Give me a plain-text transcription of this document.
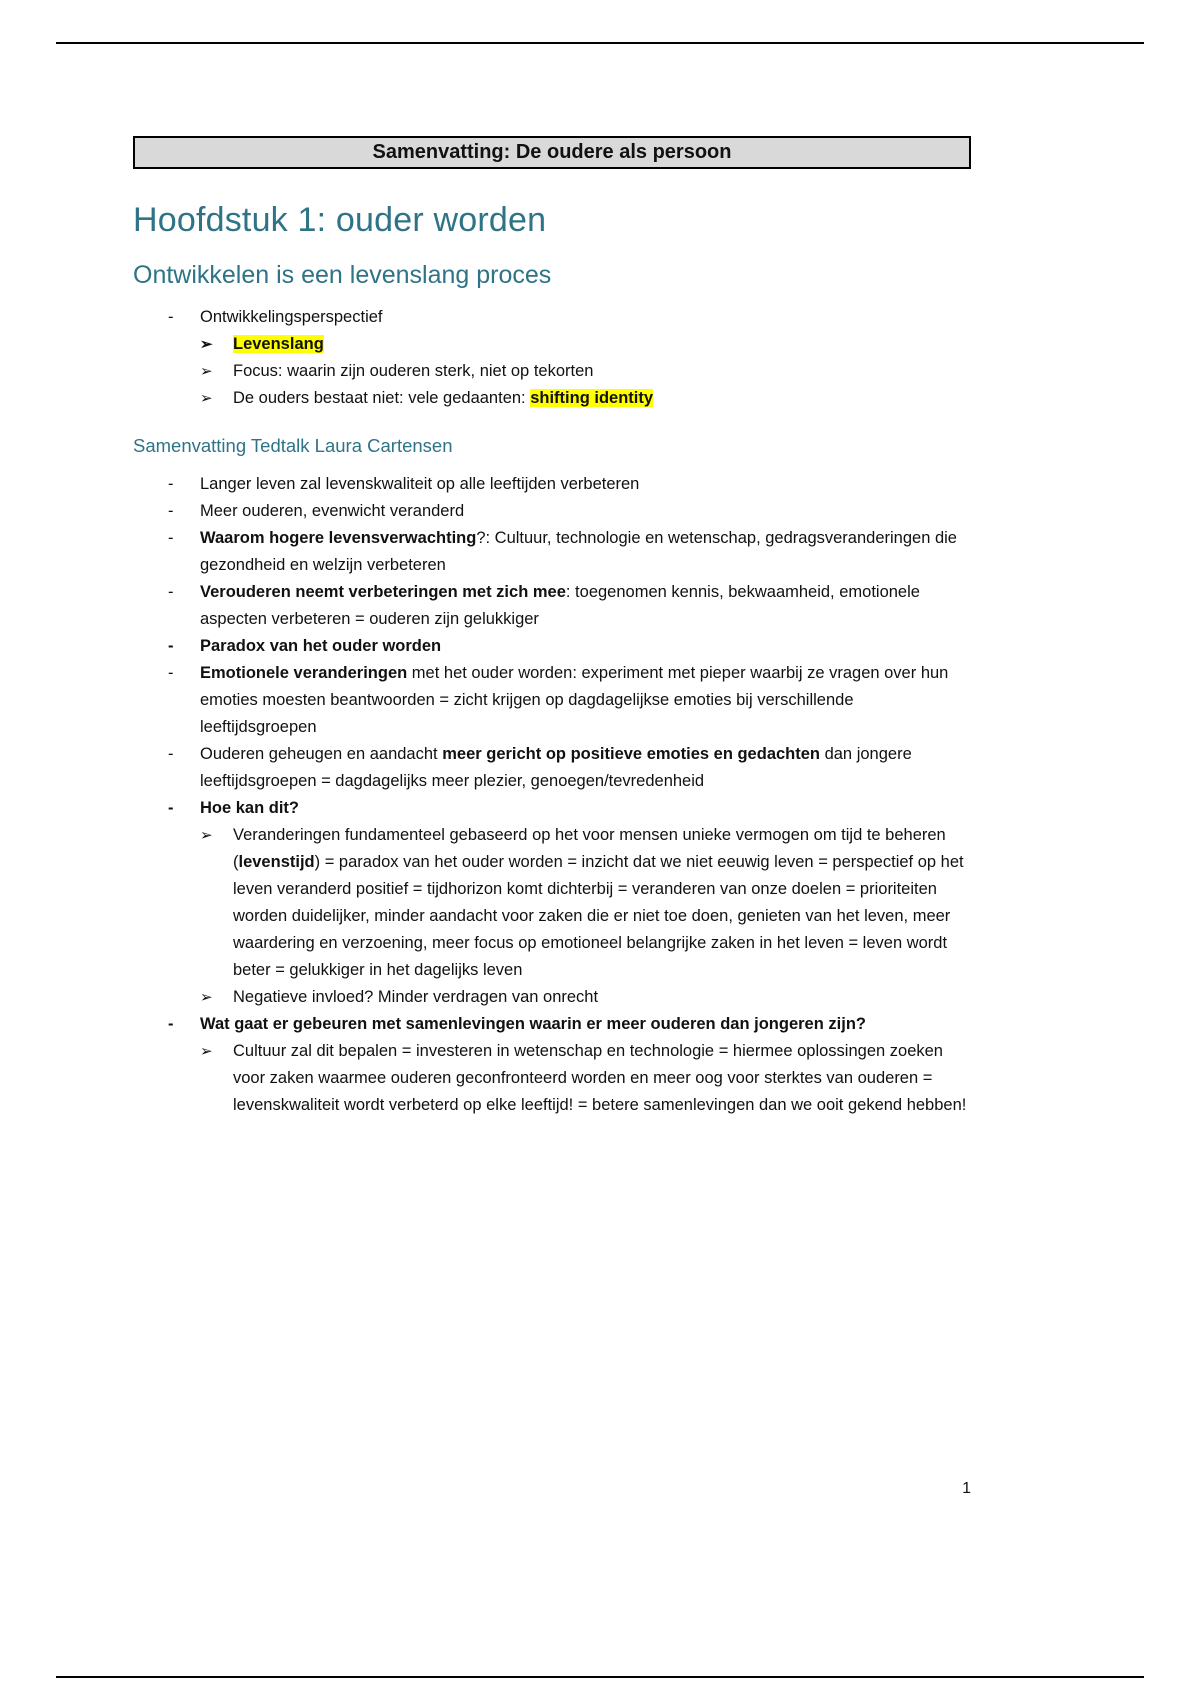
Samenvatting: De oudere als persoon
Hoofdstuk 1: ouder worden
Ontwikkelen is een levenslang proces
-	Ontwikkelingsperspectief
➢	Levenslang
➢	Focus: waarin zijn ouderen sterk, niet op tekorten
➢	De ouders bestaat niet: vele gedaanten: shifting identity
Samenvatting Tedtalk Laura Cartensen
-	Langer leven zal levenskwaliteit op alle leeftijden verbeteren
-	Meer ouderen, evenwicht veranderd
-	Waarom hogere levensverwachting?: Cultuur, technologie en wetenschap, gedragsveranderingen die gezondheid en welzijn verbeteren
-	Verouderen neemt verbeteringen met zich mee: toegenomen kennis, bekwaamheid, emotionele aspecten verbeteren = ouderen zijn gelukkiger
-	Paradox van het ouder worden
-	Emotionele veranderingen met het ouder worden: experiment met pieper waarbij ze vragen over hun emoties moesten beantwoorden = zicht krijgen op dagdagelijkse emoties bij verschillende leeftijdsgroepen
-	Ouderen geheugen en aandacht meer gericht op positieve emoties en gedachten dan jongere leeftijdsgroepen = dagdagelijks meer plezier, genoegen/tevredenheid
-	Hoe kan dit?
➢	Veranderingen fundamenteel gebaseerd op het voor mensen unieke vermogen om tijd te beheren (levenstijd) = paradox van het ouder worden = inzicht dat we niet eeuwig leven = perspectief op het leven veranderd positief = tijdhorizon komt dichterbij = veranderen van onze doelen = prioriteiten worden duidelijker, minder aandacht voor zaken die er niet toe doen, genieten van het leven, meer waardering en verzoening, meer focus op emotioneel belangrijke zaken in het leven = leven wordt beter = gelukkiger in het dagelijks leven
➢	Negatieve invloed? Minder verdragen van onrecht
-	Wat gaat er gebeuren met samenlevingen waarin er meer ouderen dan jongeren zijn?
➢	Cultuur zal dit bepalen = investeren in wetenschap en technologie = hiermee oplossingen zoeken voor zaken waarmee ouderen geconfronteerd worden en meer oog voor sterktes van ouderen = levenskwaliteit wordt verbeterd op elke leeftijd! = betere samenlevingen dan we ooit gekend hebben!
1
